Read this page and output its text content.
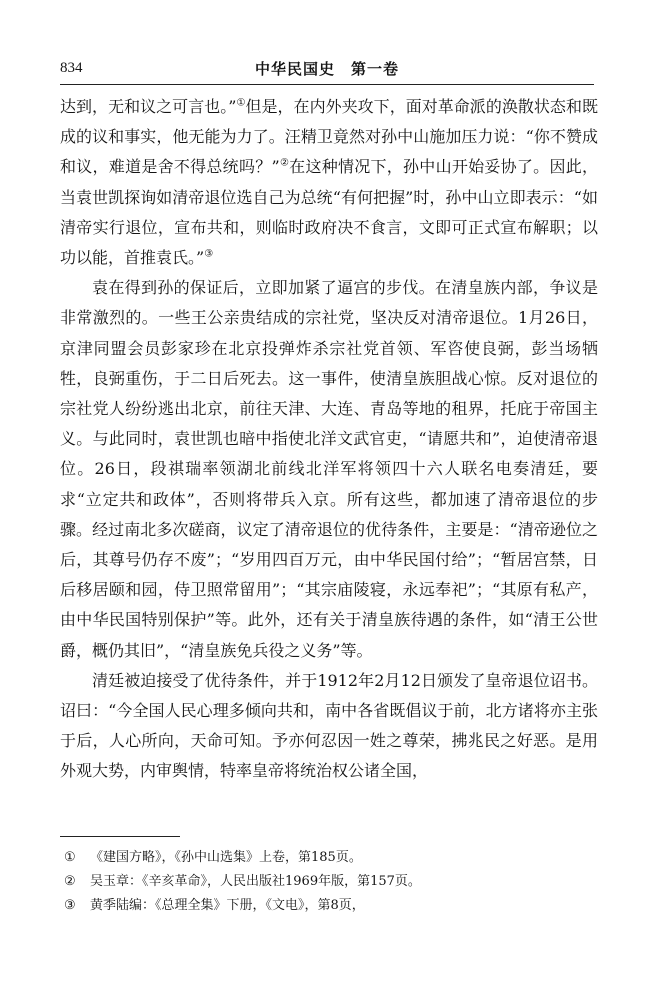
834	中华民国史　第一卷

达到，无和议之可言也。”①但是，在内外夹攻下，面对革命派的涣散状态和既成的议和事实，他无能为力了。汪精卫竟然对孙中山施加压力说：“你不赞成和议，难道是舍不得总统吗？”②在这种情况下，孙中山开始妥协了。因此，当袁世凯探询如清帝退位选自己为总统“有何把握”时，孙中山立即表示：“如清帝实行退位，宣布共和，则临时政府决不食言，文即可正式宣布解职；以功以能，首推袁氏。”③

袁在得到孙的保证后，立即加紧了逼宫的步伐。在清皇族内部，争议是非常激烈的。一些王公亲贵结成的宗社党，坚决反对清帝退位。1月26日，京津同盟会员彭家珍在北京投弹炸杀宗社党首领、军咨使良弼，彭当场牺牲，良弼重伤，于二日后死去。这一事件，使清皇族胆战心惊。反对退位的宗社党人纷纷逃出北京，前往天津、大连、青岛等地的租界，托庇于帝国主义。与此同时，袁世凯也暗中指使北洋文武官吏，“请愿共和”，迫使清帝退位。26日，段祺瑞率领湖北前线北洋军将领四十六人联名电奏清廷，要求“立定共和政体”，否则将带兵入京。所有这些，都加速了清帝退位的步骤。经过南北多次磋商，议定了清帝退位的优待条件，主要是：“清帝逊位之后，其尊号仍存不废”；“岁用四百万元，由中华民国付给”；“暂居宫禁，日后移居颐和园，侍卫照常留用”；“其宗庙陵寝，永远奉祀”；“其原有私产，由中华民国特别保护”等。此外，还有关于清皇族待遇的条件，如“清王公世爵，概仍其旧”，“清皇族免兵役之义务”等。

清廷被迫接受了优待条件，并于1912年2月12日颁发了皇帝退位诏书。诏曰：“今全国人民心理多倾向共和，南中各省既倡议于前，北方诸将亦主张于后，人心所向，天命可知。予亦何忍因一姓之尊荣，拂兆民之好恶。是用外观大势，内审舆情，特率皇帝将统治权公诸全国，

① 《建国方略》，《孙中山选集》上卷，第185页。
② 吴玉章：《辛亥革命》，人民出版社1969年版，第157页。
③ 黄季陆编：《总理全集》下册，《文电》，第8页，
